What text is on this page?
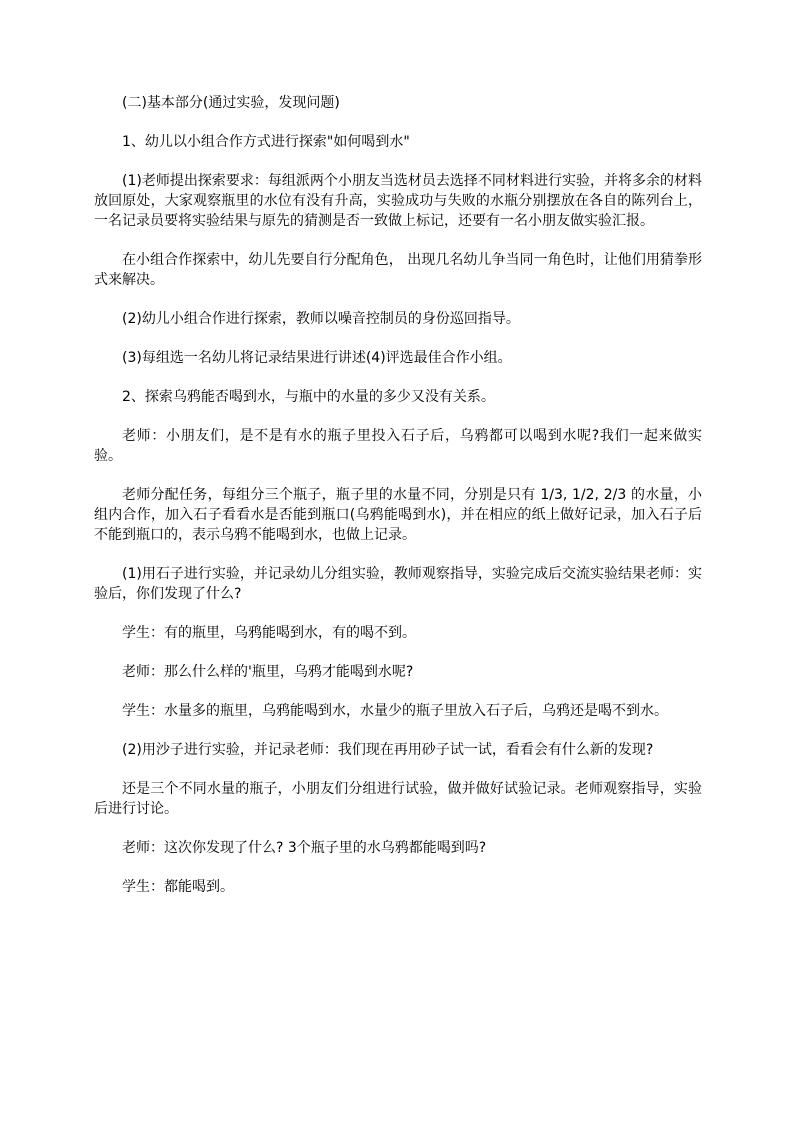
(二)基本部分(通过实验，发现问题)

1、幼儿以小组合作方式进行探索"如何喝到水"

(1)老师提出探索要求：每组派两个小朋友当选材员去选择不同材料进行实验，并将多余的材料放回原处，大家观察瓶里的水位有没有升高，实验成功与失败的水瓶分别摆放在各自的陈列台上，一名记录员要将实验结果与原先的猜测是否一致做上标记，还要有一名小朋友做实验汇报。

在小组合作探索中，幼儿先要自行分配角色， 出现几名幼儿争当同一角色时，让他们用猜拳形式来解决。

(2)幼儿小组合作进行探索，教师以噪音控制员的身份巡回指导。

(3)每组选一名幼儿将记录结果进行讲述(4)评选最佳合作小组。

2、探索乌鸦能否喝到水，与瓶中的水量的多少又没有关系。

老师：小朋友们，是不是有水的瓶子里投入石子后，乌鸦都可以喝到水呢?我们一起来做实验。

老师分配任务，每组分三个瓶子，瓶子里的水量不同，分别是只有 1/3, 1/2, 2/3 的水量，小组内合作，加入石子看看水是否能到瓶口(乌鸦能喝到水)，并在相应的纸上做好记录，加入石子后不能到瓶口的，表示乌鸦不能喝到水，也做上记录。

(1)用石子进行实验，并记录幼儿分组实验，教师观察指导，实验完成后交流实验结果老师：实验后，你们发现了什么?

学生：有的瓶里，乌鸦能喝到水，有的喝不到。

老师：那么什么样的'瓶里，乌鸦才能喝到水呢?

学生：水量多的瓶里，乌鸦能喝到水，水量少的瓶子里放入石子后，乌鸦还是喝不到水。

(2)用沙子进行实验，并记录老师：我们现在再用砂子试一试，看看会有什么新的发现?

还是三个不同水量的瓶子，小朋友们分组进行试验，做并做好试验记录。老师观察指导，实验后进行讨论。

老师：这次你发现了什么? 3个瓶子里的水乌鸦都能喝到吗?

学生：都能喝到。
